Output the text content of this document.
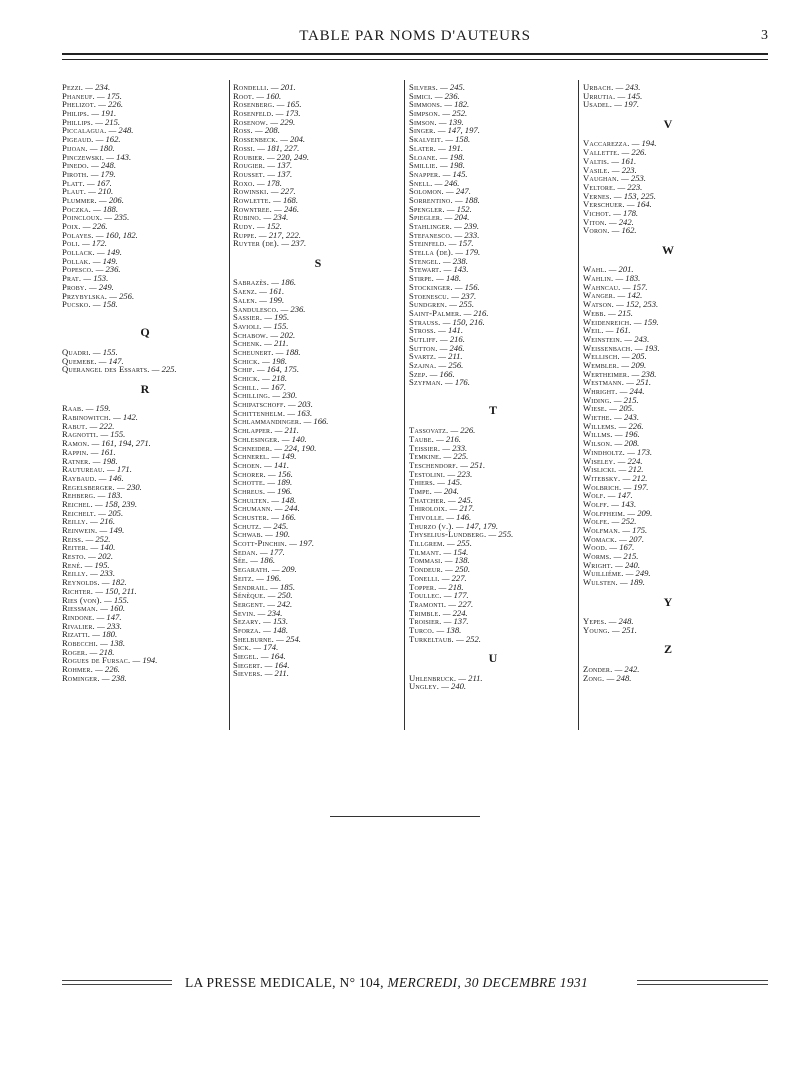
TABLE PAR NOMS D'AUTEURS	3
Pezzi. — 234.
Phaneuf. — 175.
Phelizot. — 226.
Philips. — 191.
Phillips. — 215.
Piccalagua. — 248.
Pigeaud. — 162.
Pijoan. — 180.
Pinczewski. — 143.
Pinedo. — 248.
Piroth. — 179.
Platt. — 167.
Plaut. — 210.
Plummer. — 206.
Poczka. — 188.
Poincloux. — 235.
Poix. — 226.
Polayes. — 160, 182.
Poli. — 172.
Pollack. — 149.
Pollak. — 149.
Popesco. — 236.
Prat. — 153.
Proby. — 249.
Przybylska. — 256.
Pucsko. — 158.

Q

Quadri. — 155.
Quemebe. — 147.
Querangel des Essarts. — 225.

R

Raab. — 159.
Rabinowitch. — 142.
Rabut. — 222.
Ragnotti. — 155.
Ramon. — 161, 194, 271.
Rappin. — 161.
Ratner. — 198.
Rautureau. — 171.
Raybaud. — 146.
Regelsberger. — 230.
Rehberg. — 183.
Reichel. — 158, 239.
Reichelt. — 205.
Reilly. — 216.
Reinwein. — 149.
Reiss. — 252.
Reiter. — 140.
Resto. — 202.
René. — 195.
Reilly. — 233.
Reynolds. — 182.
Richter. — 150, 211.
Ries (von). — 155.
Riessman. — 160.
Rindone. — 147.
Rivalier. — 233.
Rizatti. — 180.
Robecchi. — 138.
Roger. — 218.
Rogues de Fursac. — 194.
Rohmer. — 226.
Rominger. — 238.
Rondelli. — 201.
Root. — 160.
Rosenberg. — 165.
Rosenfeld. — 173.
Rosenow. — 229.
Ross. — 208.
Rossenbeck. — 204.
Rossi. — 181, 227.
Roubier. — 220, 249.
Rougier. — 137.
Rousset. — 137.
Roxo. — 178.
Rowinski. — 227.
Rowlette. — 168.
Rowntree. — 246.
Rubino. — 234.
Rudy. — 152.
Ruppe. — 217, 222.
Ruyter (de). — 237.

S

Sabrazès. — 186.
Saenz. — 161.
Salen. — 199.
Sandulesco. — 236.
Sassier. — 195.
Savioli. — 155.
Schabow. — 202.
Schenk. — 211.
Scheunert. — 188.
Schick. — 198.
Schif. — 164, 175.
Schick. — 218.
Schill. — 167.
Schilling. — 230.
Schipatschoff. — 203.
Schittenhelm. — 163.
Schlammandinger. — 166.
Schlapper. — 211.
Schlesinger. — 140.
Schneider. — 224, 190.
Schnerel. — 149.
Schoen. — 141.
Schorer. — 156.
Schotte. — 189.
Schreus. — 196.
Schulten. — 148.
Schumann. — 244.
Schuster. — 166.
Schutz. — 245.
Schwab. — 190.
Scott-Pinchin. — 197.
Sedan. — 177.
Sée. — 186.
Segarath. — 209.
Seitz. — 196.
Sendrail. — 185.
Sénèque. — 250.
Sergent. — 242.
Sevin. — 234.
Sezary. — 153.
Sforza. — 148.
Shelburne. — 254.
Sick. — 174.
Siegel. — 164.
Siegert. — 164.
Sievers. — 211.
Silvers. — 245.
Simici. — 236.
Simmons. — 182.
Simpson. — 252.
Simson. — 139.
Singer. — 147, 197.
Skalveit. — 158.
Slater. — 191.
Sloane. — 198.
Smillie. — 198.
Snapper. — 145.
Snell. — 246.
Solomon. — 247.
Sorrentino. — 188.
Spengler. — 152.
Spiegler. — 204.
Stahlinger. — 239.
Stefanesco. — 233.
Steinfeld. — 157.
Stella (de). — 179.
Stengel. — 238.
Stewart. — 143.
Stirpe. — 148.
Stockinger. — 156.
Stoenescu. — 237.
Sundgren. — 255.
Saint-Palmer. — 216.
Strauss. — 150, 216.
Stross. — 141.
Sutliff. — 216.
Sutton. — 246.
Svartz. — 211.
Szajna. — 256.
Szep. — 166.
Szyfman. — 176.

T

Tassovatz. — 226.
Taube. — 216.
Teissier. — 233.
Temkine. — 225.
Teschendorf. — 251.
Testolini. — 223.
Thiers. — 145.
Timpe. — 204.
Thatcher. — 245.
Thiroloix. — 217.
Thivolle. — 146.
Thurzo (v.). — 147, 179.
Thyselius-Lundberg. — 255.
Tillgrem. — 255.
Tilmant. — 154.
Tommasi. — 138.
Tondeur. — 250.
Tonelli. — 227.
Topper. — 218.
Toullec. — 177.
Tramonti. — 227.
Trimble. — 224.
Troisier. — 137.
Turco. — 138.
Turkeltaub. — 252.

U

Uhlenbruck. — 211.
Ungley. — 240.
Urbach. — 243.
Urrutia. — 145.
Usadel. — 197.

V

Vaccarezza. — 194.
Vallette. — 226.
Valtis. — 161.
Vasile. — 223.
Vaughan. — 253.
Veltore. — 223.
Vernes. — 153, 225.
Verschuer. — 164.
Vichot. — 178.
Viton. — 242.
Voron. — 162.

W

Wahl. — 201.
Wahlin. — 183.
Wahncau. — 157.
Wanger. — 142.
Watson. — 152, 253.
Webb. — 215.
Weidenreich. — 159.
Weil. — 161.
Weinstein. — 243.
Weissenbach. — 193.
Wellisch. — 205.
Wembler. — 209.
Wertheimer. — 238.
Westmann. — 251.
Whright. — 244.
Widing. — 215.
Wiese. — 205.
Wiethe. — 243.
Willems. — 226.
Willms. — 196.
Wilson. — 208.
Windholtz. — 173.
Wiseley. — 224.
Wislicki. — 212.
Witebsky. — 212.
Wolbrich. — 197.
Wolf. — 147.
Wolff. — 143.
Wolffheim. — 209.
Wolfe. — 252.
Wolfman. — 175.
Womack. — 207.
Wood. — 167.
Worms. — 215.
Wright. — 240.
Wuilliéme. — 249.
Wulsten. — 189.

Y

Yepes. — 248.
Young. — 251.

Z

Zonder. — 242.
Zong. — 248.
LA PRESSE MEDICALE, N° 104, MERCREDI, 30 DECEMBRE 1931
